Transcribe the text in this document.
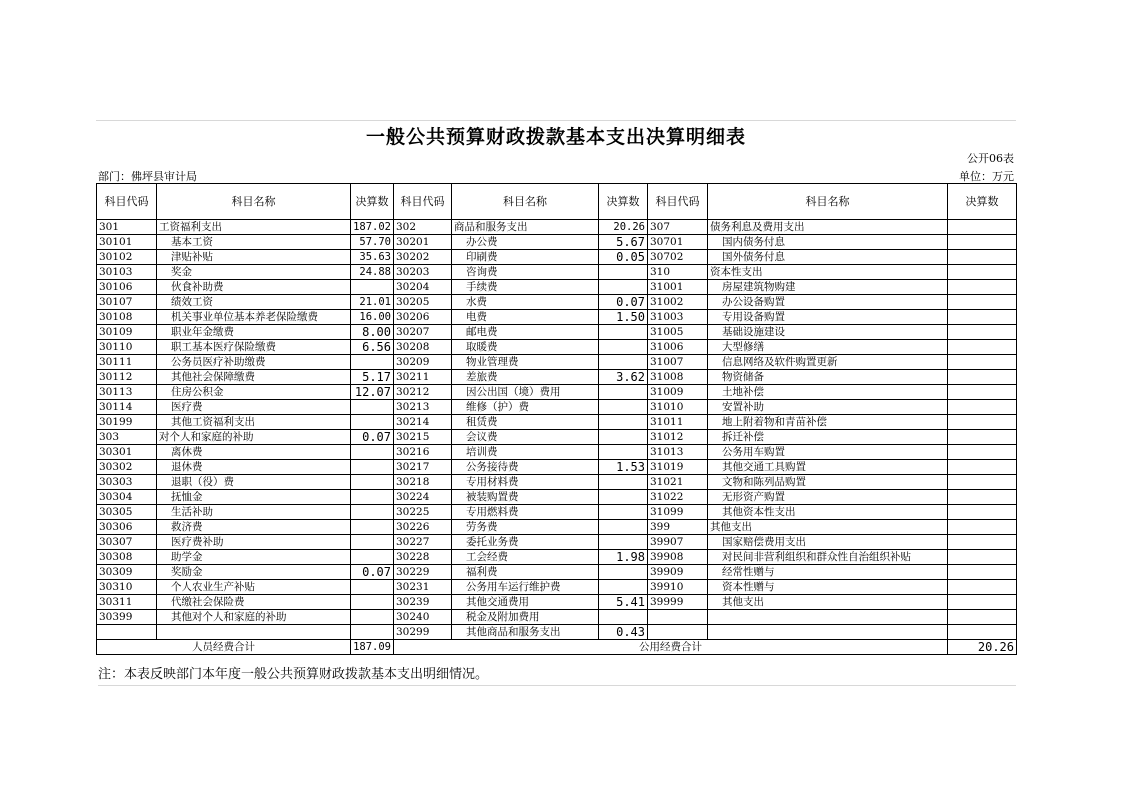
一般公共预算财政拨款基本支出决算明细表
公开06表
部门：佛坪县审计局	单位：万元
科目代码	科目名称	决算数	科目代码	科目名称	决算数	科目代码	科目名称	决算数
301	工资福利支出	187.02	302	商品和服务支出	20.26	307	债务利息及费用支出	
30101	基本工资	57.70	30201	办公费	5.67	30701	国内债务付息	
30102	津贴补贴	35.63	30202	印刷费	0.05	30702	国外债务付息	
30103	奖金	24.88	30203	咨询费		310	资本性支出	
30106	伙食补助费		30204	手续费		31001	房屋建筑物购建	
30107	绩效工资	21.01	30205	水费	0.07	31002	办公设备购置	
30108	机关事业单位基本养老保险缴费	16.00	30206	电费	1.50	31003	专用设备购置	
30109	职业年金缴费	8.00	30207	邮电费		31005	基础设施建设	
30110	职工基本医疗保险缴费	6.56	30208	取暖费		31006	大型修缮	
30111	公务员医疗补助缴费		30209	物业管理费		31007	信息网络及软件购置更新	
30112	其他社会保障缴费	5.17	30211	差旅费	3.62	31008	物资储备	
30113	住房公积金	12.07	30212	因公出国（境）费用		31009	土地补偿	
30114	医疗费		30213	维修（护）费		31010	安置补助	
30199	其他工资福利支出		30214	租赁费		31011	地上附着物和青苗补偿	
303	对个人和家庭的补助	0.07	30215	会议费		31012	拆迁补偿	
30301	离休费		30216	培训费		31013	公务用车购置	
30302	退休费		30217	公务接待费	1.53	31019	其他交通工具购置	
30303	退职（役）费		30218	专用材料费		31021	文物和陈列品购置	
30304	抚恤金		30224	被装购置费		31022	无形资产购置	
30305	生活补助		30225	专用燃料费		31099	其他资本性支出	
30306	救济费		30226	劳务费		399	其他支出	
30307	医疗费补助		30227	委托业务费		39907	国家赔偿费用支出	
30308	助学金		30228	工会经费	1.98	39908	对民间非营利组织和群众性自治组织补贴	
30309	奖励金	0.07	30229	福利费		39909	经常性赠与	
30310	个人农业生产补贴		30231	公务用车运行维护费		39910	资本性赠与	
30311	代缴社会保险费		30239	其他交通费用	5.41	39999	其他支出	
30399	其他对个人和家庭的补助		30240	税金及附加费用				
			30299	其他商品和服务支出	0.43			
人员经费合计		187.09	公用经费合计					20.26
注：本表反映部门本年度一般公共预算财政拨款基本支出明细情况。
